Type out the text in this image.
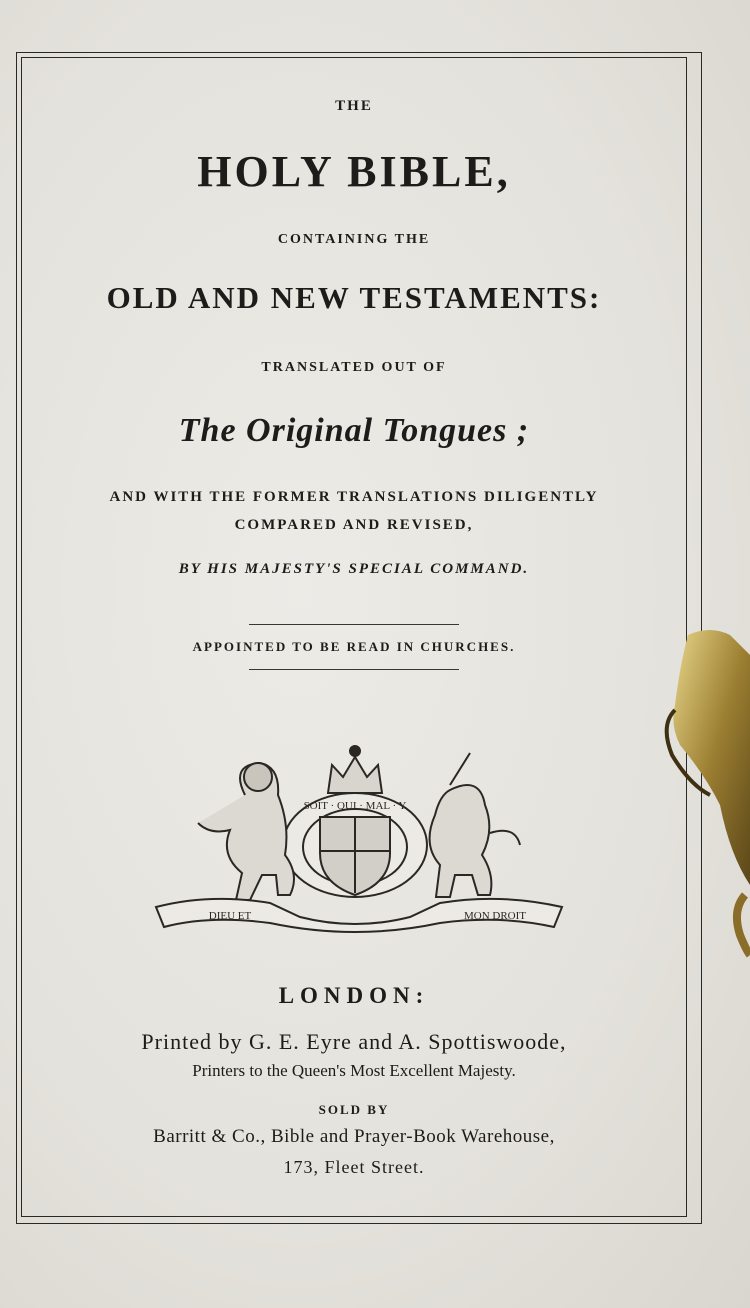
THE
HOLY BIBLE,
CONTAINING THE
OLD AND NEW TESTAMENTS:
TRANSLATED OUT OF
The Original Tongues ;
AND WITH THE FORMER TRANSLATIONS DILIGENTLY
COMPARED AND REVISED,
BY HIS MAJESTY'S SPECIAL COMMAND.
APPOINTED TO BE READ IN CHURCHES.
SOIT · QUI · MAL · Y
DIEU ET	MON DROIT
LONDON:
Printed by G. E. Eyre and A. Spottiswoode,
Printers to the Queen's Most Excellent Majesty.
SOLD BY
Barritt & Co., Bible and Prayer-Book Warehouse,
173, Fleet Street.
